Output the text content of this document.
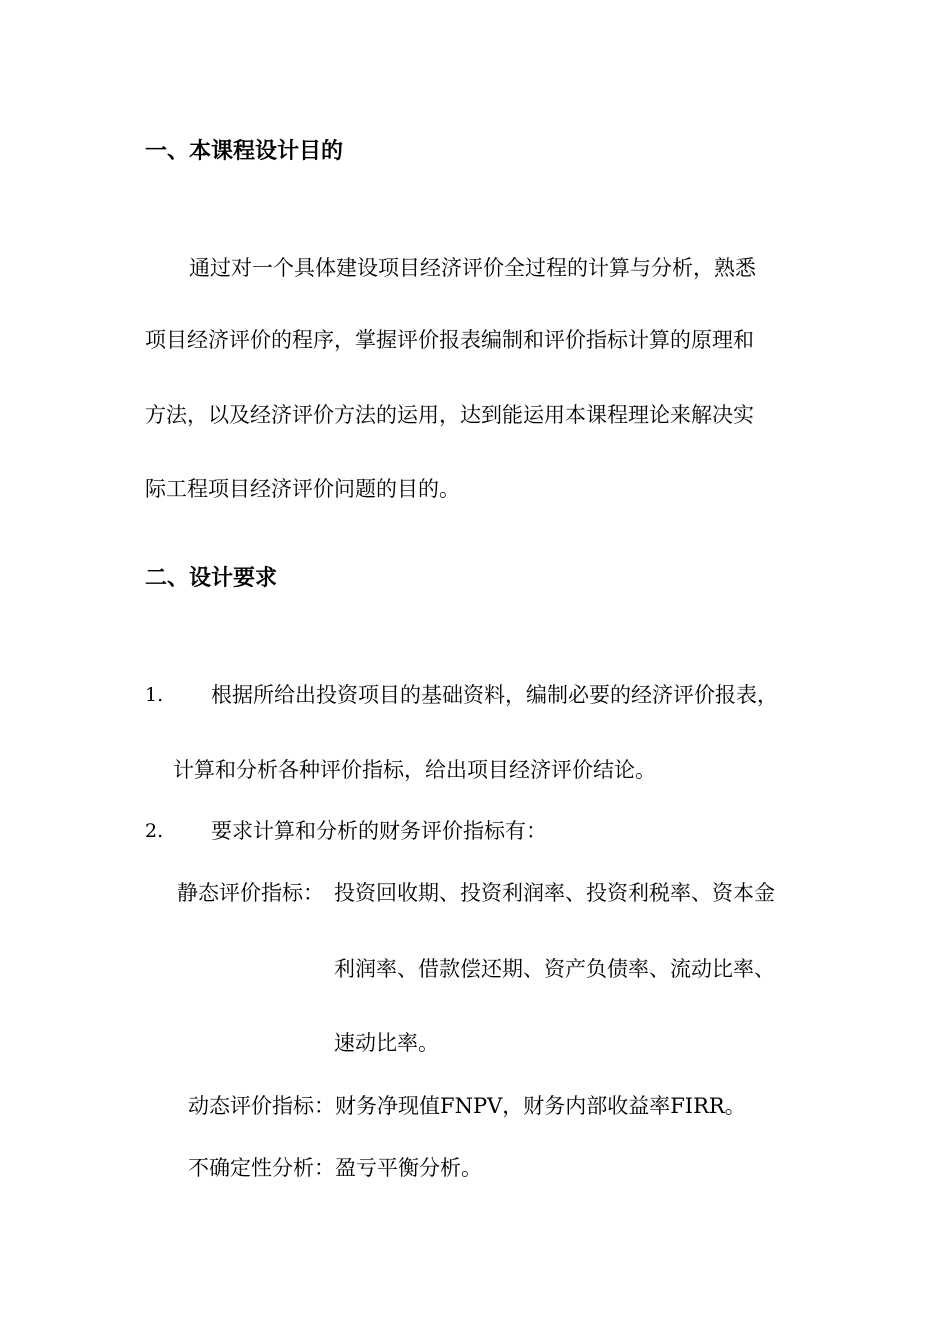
一、本课程设计目的
通过对一个具体建设项目经济评价全过程的计算与分析，熟悉
项目经济评价的程序，掌握评价报表编制和评价指标计算的原理和
方法，以及经济评价方法的运用，达到能运用本课程理论来解决实
际工程项目经济评价问题的目的。
二、设计要求
1. 根据所给出投资项目的基础资料，编制必要的经济评价报表，
计算和分析各种评价指标，给出项目经济评价结论。
2. 要求计算和分析的财务评价指标有：
静态评价指标： 投资回收期、投资利润率、投资利税率、资本金
利润率、借款偿还期、资产负债率、流动比率、
速动比率。
动态评价指标：财务净现值FNPV，财务内部收益率FIRR。
不确定性分析：盈亏平衡分析。
